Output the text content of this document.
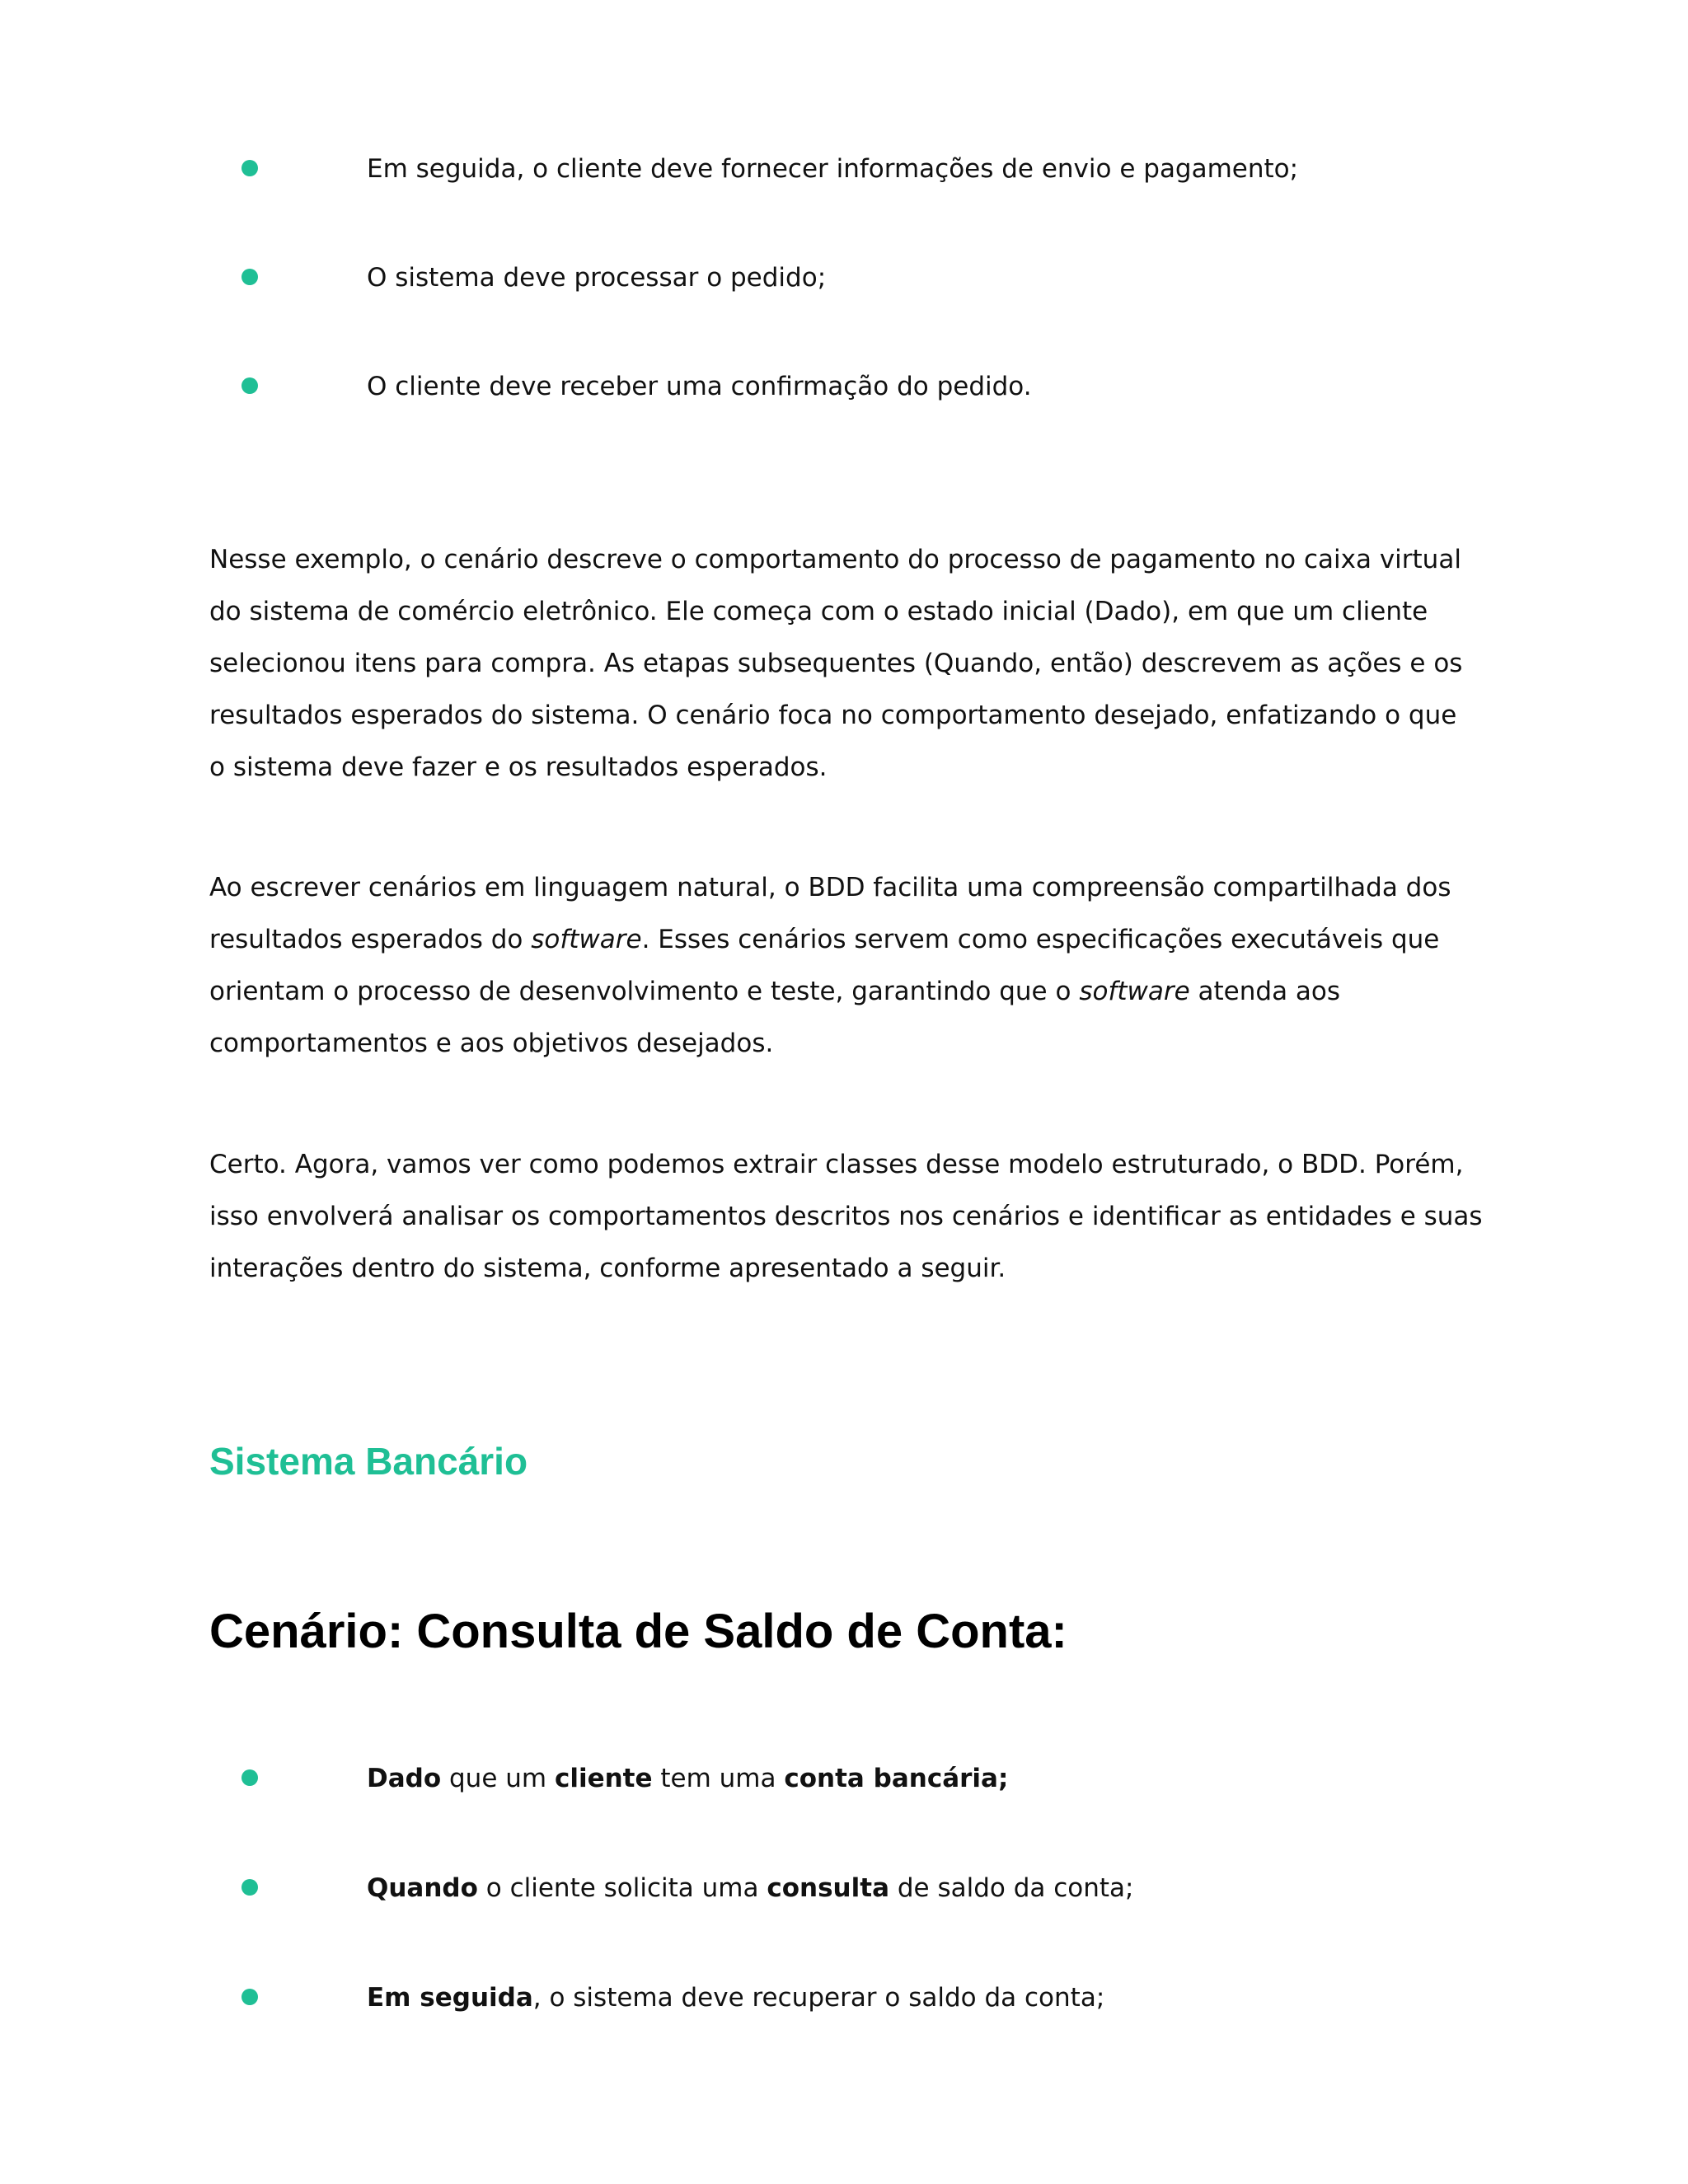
Em seguida, o cliente deve fornecer informações de envio e pagamento;
O sistema deve processar o pedido;
O cliente deve receber uma confirmação do pedido.

Nesse exemplo, o cenário descreve o comportamento do processo de pagamento no caixa virtual
do sistema de comércio eletrônico. Ele começa com o estado inicial (Dado), em que um cliente
selecionou itens para compra. As etapas subsequentes (Quando, então) descrevem as ações e os
resultados esperados do sistema. O cenário foca no comportamento desejado, enfatizando o que
o sistema deve fazer e os resultados esperados.

Ao escrever cenários em linguagem natural, o BDD facilita uma compreensão compartilhada dos
resultados esperados do software. Esses cenários servem como especificações executáveis que
orientam o processo de desenvolvimento e teste, garantindo que o software atenda aos
comportamentos e aos objetivos desejados.

Certo. Agora, vamos ver como podemos extrair classes desse modelo estruturado, o BDD. Porém,
isso envolverá analisar os comportamentos descritos nos cenários e identificar as entidades e suas
interações dentro do sistema, conforme apresentado a seguir.

Sistema Bancário
Cenário: Consulta de Saldo de Conta:
Dado que um cliente tem uma conta bancária;
Quando o cliente solicita uma consulta de saldo da conta;
Em seguida, o sistema deve recuperar o saldo da conta;
